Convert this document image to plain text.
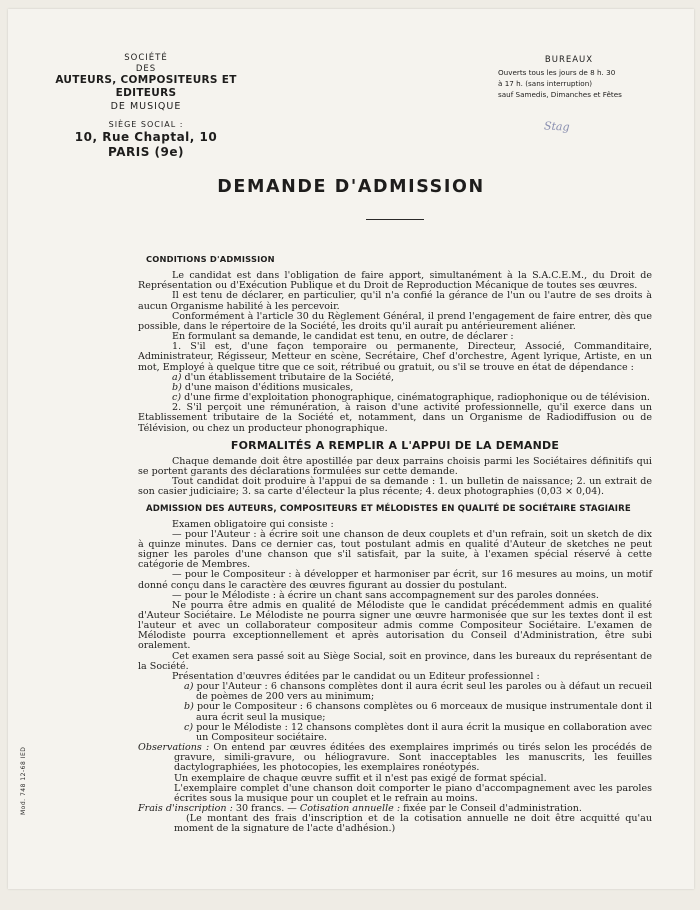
SOCIÉTÉ
DES
AUTEURS, COMPOSITEURS ET EDITEURS
DE MUSIQUE
SIÈGE SOCIAL :
10, Rue Chaptal, 10
PARIS (9e)
BUREAUX
Ouverts tous les jours de 8 h. 30
à 17 h. (sans interruption)
sauf Samedis, Dimanches et Fêtes
Stag
DEMANDE D'ADMISSION

CONDITIONS D'ADMISSION

Le candidat est dans l'obligation de faire apport, simultanément à la S.A.C.E.M., du Droit de Représentation ou d'Exécution Publique et du Droit de Reproduction Mécanique de toutes ses œuvres.

Il est tenu de déclarer, en particulier, qu'il n'a confié la gérance de l'un ou l'autre de ses droits à aucun Organisme habilité à les percevoir.

Conformément à l'article 30 du Règlement Général, il prend l'engagement de faire entrer, dès que possible, dans le répertoire de la Société, les droits qu'il aurait pu antérieurement aliéner.

En formulant sa demande, le candidat est tenu, en outre, de déclarer :

1. S'il est, d'une façon temporaire ou permanente, Directeur, Associé, Commanditaire, Administrateur, Régisseur, Metteur en scène, Secrétaire, Chef d'orchestre, Agent lyrique, Artiste, en un mot, Employé à quelque titre que ce soit, rétribué ou gratuit, ou s'il se trouve en état de dépendance :

a) d'un établissement tributaire de la Société,

b) d'une maison d'éditions musicales,

c) d'une firme d'exploitation phonographique, cinématographique, radiophonique ou de télévision.

2. S'il perçoit une rémunération, à raison d'une activité professionnelle, qu'il exerce dans un Etablissement tributaire de la Société et, notamment, dans un Organisme de Radiodiffusion ou de Télévision, ou chez un producteur phonographique.

FORMALITÉS A REMPLIR A L'APPUI DE LA DEMANDE

Chaque demande doit être apostillée par deux parrains choisis parmi les Sociétaires définitifs qui se portent garants des déclarations formulées sur cette demande.

Tout candidat doit produire à l'appui de sa demande : 1. un bulletin de naissance; 2. un extrait de son casier judiciaire; 3. sa carte d'électeur la plus récente; 4. deux photographies (0,03 × 0,04).

ADMISSION DES AUTEURS, COMPOSITEURS ET MÉLODISTES EN QUALITÉ DE SOCIÉTAIRE STAGIAIRE

Examen obligatoire qui consiste :

— pour l'Auteur : à écrire soit une chanson de deux couplets et d'un refrain, soit un sketch de dix à quinze minutes. Dans ce dernier cas, tout postulant admis en qualité d'Auteur de sketches ne peut signer les paroles d'une chanson que s'il satisfait, par la suite, à l'examen spécial réservé à cette catégorie de Membres.

— pour le Compositeur : à développer et harmoniser par écrit, sur 16 mesures au moins, un motif donné conçu dans le caractère des œuvres figurant au dossier du postulant.

— pour le Mélodiste : à écrire un chant sans accompagnement sur des paroles données.

Ne pourra être admis en qualité de Mélodiste que le candidat précédemment admis en qualité d'Auteur Sociétaire. Le Mélodiste ne pourra signer une œuvre harmonisée que sur les textes dont il est l'auteur et avec un collaborateur compositeur admis comme Compositeur Sociétaire. L'examen de Mélodiste pourra exceptionnellement et après autorisation du Conseil d'Administration, être subi oralement.

Cet examen sera passé soit au Siège Social, soit en province, dans les bureaux du représentant de la Société.

Présentation d'œuvres éditées par le candidat ou un Editeur professionnel :

a) pour l'Auteur : 6 chansons complètes dont il aura écrit seul les paroles ou à défaut un recueil de poèmes de 200 vers au minimum;

b) pour le Compositeur : 6 chansons complètes ou 6 morceaux de musique instrumentale dont il aura écrit seul la musique;

c) pour le Mélodiste : 12 chansons complètes dont il aura écrit la musique en collaboration avec un Compositeur sociétaire.

Observations : On entend par œuvres éditées des exemplaires imprimés ou tirés selon les procédés de gravure, simili-gravure, ou héliogravure. Sont inacceptables les manuscrits, les feuilles dactylographiées, les photocopies, les exemplaires ronéotypés.

Un exemplaire de chaque œuvre suffit et il n'est pas exigé de format spécial.

L'exemplaire complet d'une chanson doit comporter le piano d'accompagnement avec les paroles écrites sous la musique pour un couplet et le refrain au moins.

Frais d'inscription : 30 francs. — Cotisation annuelle : fixée par le Conseil d'administration.

(Le montant des frais d'inscription et de la cotisation annuelle ne doit être acquitté qu'au moment de la signature de l'acte d'adhésion.)

Mod. 748 12-68 IED
